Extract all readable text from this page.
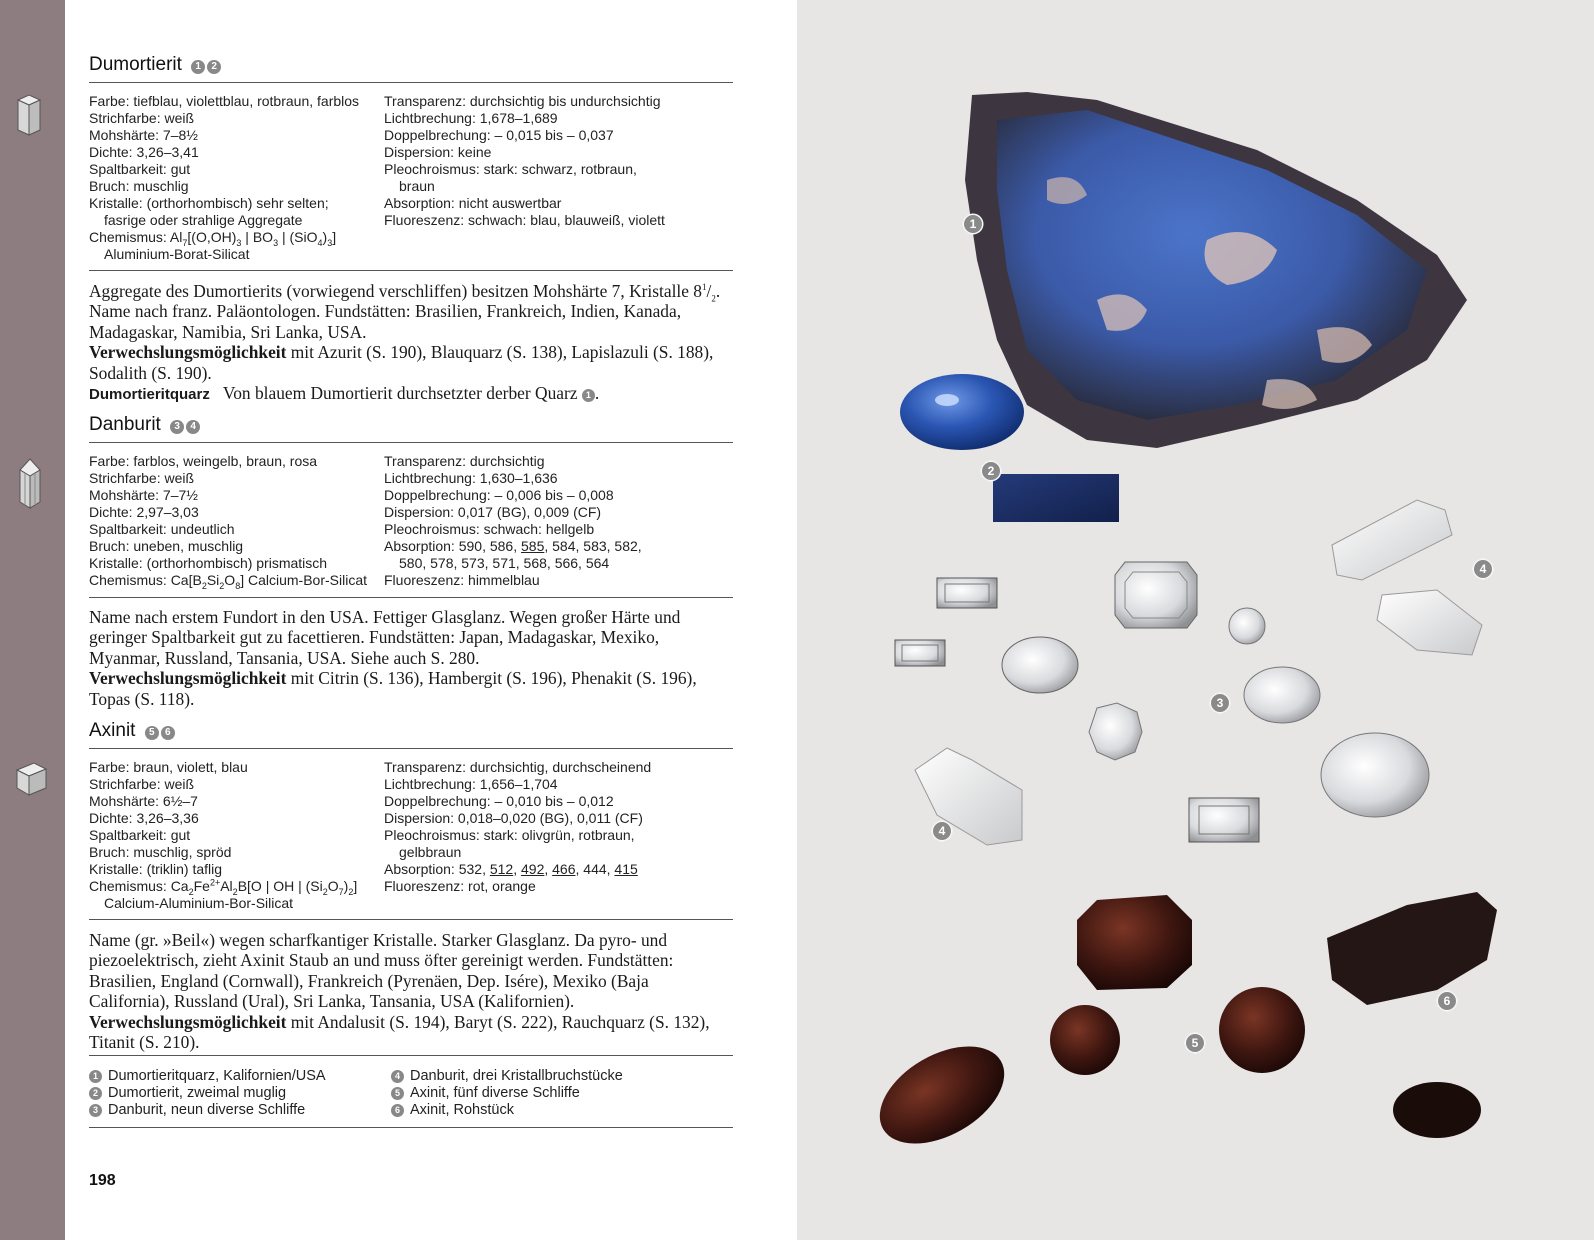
Dumortierit 1 2
Farbe: tiefblau, violettblau, rotbraun, farblos
Strichfarbe: weiß
Mohshärte: 7–8½
Dichte: 3,26–3,41
Spaltbarkeit: gut
Bruch: muschlig
Kristalle: (orthorhombisch) sehr selten;
fasrige oder strahlige Aggregate
Chemismus: $Al_7[(O,OH)_3$ | $BO_3$ | $(SiO_4)_3$]
Aluminium-Borat-Silicat
Transparenz: durchsichtig bis undurchsichtig
Lichtbrechung: 1,678–1,689
Doppelbrechung: – 0,015 bis – 0,037
Dispersion: keine
Pleochroismus: stark: schwarz, rotbraun,
braun
Absorption: nicht auswertbar
Fluoreszenz: schwach: blau, blauweiß, violett
Aggregate des Dumortierits (vorwiegend verschliffen) besitzen Mohshärte 7, Kristalle $8^1/_2$. Name nach franz. Paläontologen. Fundstätten: Brasilien, Frankreich, Indien, Kanada, Madagaskar, Namibia, Sri Lanka, USA.
Verwechslungsmöglichkeit mit Azurit (S. 190), Blauquarz (S. 138), Lapislazuli (S. 188), Sodalith (S. 190).
Dumortieritquarz Von blauem Dumortierit durchsetzter derber Quarz 1 .
Danburit 3 4
Farbe: farblos, weingelb, braun, rosa
Strichfarbe: weiß
Mohshärte: 7–7½
Dichte: 2,97–3,03
Spaltbarkeit: undeutlich
Bruch: uneben, muschlig
Kristalle: (orthorhombisch) prismatisch
Chemismus: $Ca[B_2Si_2O_8]$ Calcium-Bor-Silicat
Transparenz: durchsichtig
Lichtbrechung: 1,630–1,636
Doppelbrechung: – 0,006 bis – 0,008
Dispersion: 0,017 (BG), 0,009 (CF)
Pleochroismus: schwach: hellgelb
Absorption: 590, 586, 585, 584, 583, 582,
580, 578, 573, 571, 568, 566, 564
Fluoreszenz: himmelblau
Name nach erstem Fundort in den USA. Fettiger Glasglanz. Wegen großer Härte und geringer Spaltbarkeit gut zu facettieren. Fundstätten: Japan, Madagaskar, Mexiko, Myanmar, Russland, Tansania, USA. Siehe auch S. 280.
Verwechslungsmöglichkeit mit Citrin (S. 136), Hambergit (S. 196), Phenakit (S. 196), Topas (S. 118).
Axinit 5 6
Farbe: braun, violett, blau
Strichfarbe: weiß
Mohshärte: 6½–7
Dichte: 3,26–3,36
Spaltbarkeit: gut
Bruch: muschlig, spröd
Kristalle: (triklin) taflig
Chemismus: $Ca_2Fe^{2+}Al_2B[O$ | OH | $(Si_2O_7)_2$]
Calcium-Aluminium-Bor-Silicat
Transparenz: durchsichtig, durchscheinend
Lichtbrechung: 1,656–1,704
Doppelbrechung: – 0,010 bis – 0,012
Dispersion: 0,018–0,020 (BG), 0,011 (CF)
Pleochroismus: stark: olivgrün, rotbraun,
gelbbraun
Absorption: 532, 512, 492, 466, 444, 415
Fluoreszenz: rot, orange
Name (gr. »Beil«) wegen scharfkantiger Kristalle. Starker Glasglanz. Da pyro- und piezoelektrisch, zieht Axinit Staub an und muss öfter gereinigt werden. Fundstätten: Brasilien, England (Cornwall), Frankreich (Pyrenäen, Dep. Isére), Mexiko (Baja California), Russland (Ural), Sri Lanka, Tansania, USA (Kalifornien).
Verwechslungsmöglichkeit mit Andalusit (S. 194), Baryt (S. 222), Rauchquarz (S. 132), Titanit (S. 210).
1 Dumortieritquarz, Kalifornien/USA
2 Dumortierit, zweimal muglig
3 Danburit, neun diverse Schliffe
4 Danburit, drei Kristallbruchstücke
5 Axinit, fünf diverse Schliffe
6 Axinit, Rohstück
198
1
2
3
4
4
5
6
